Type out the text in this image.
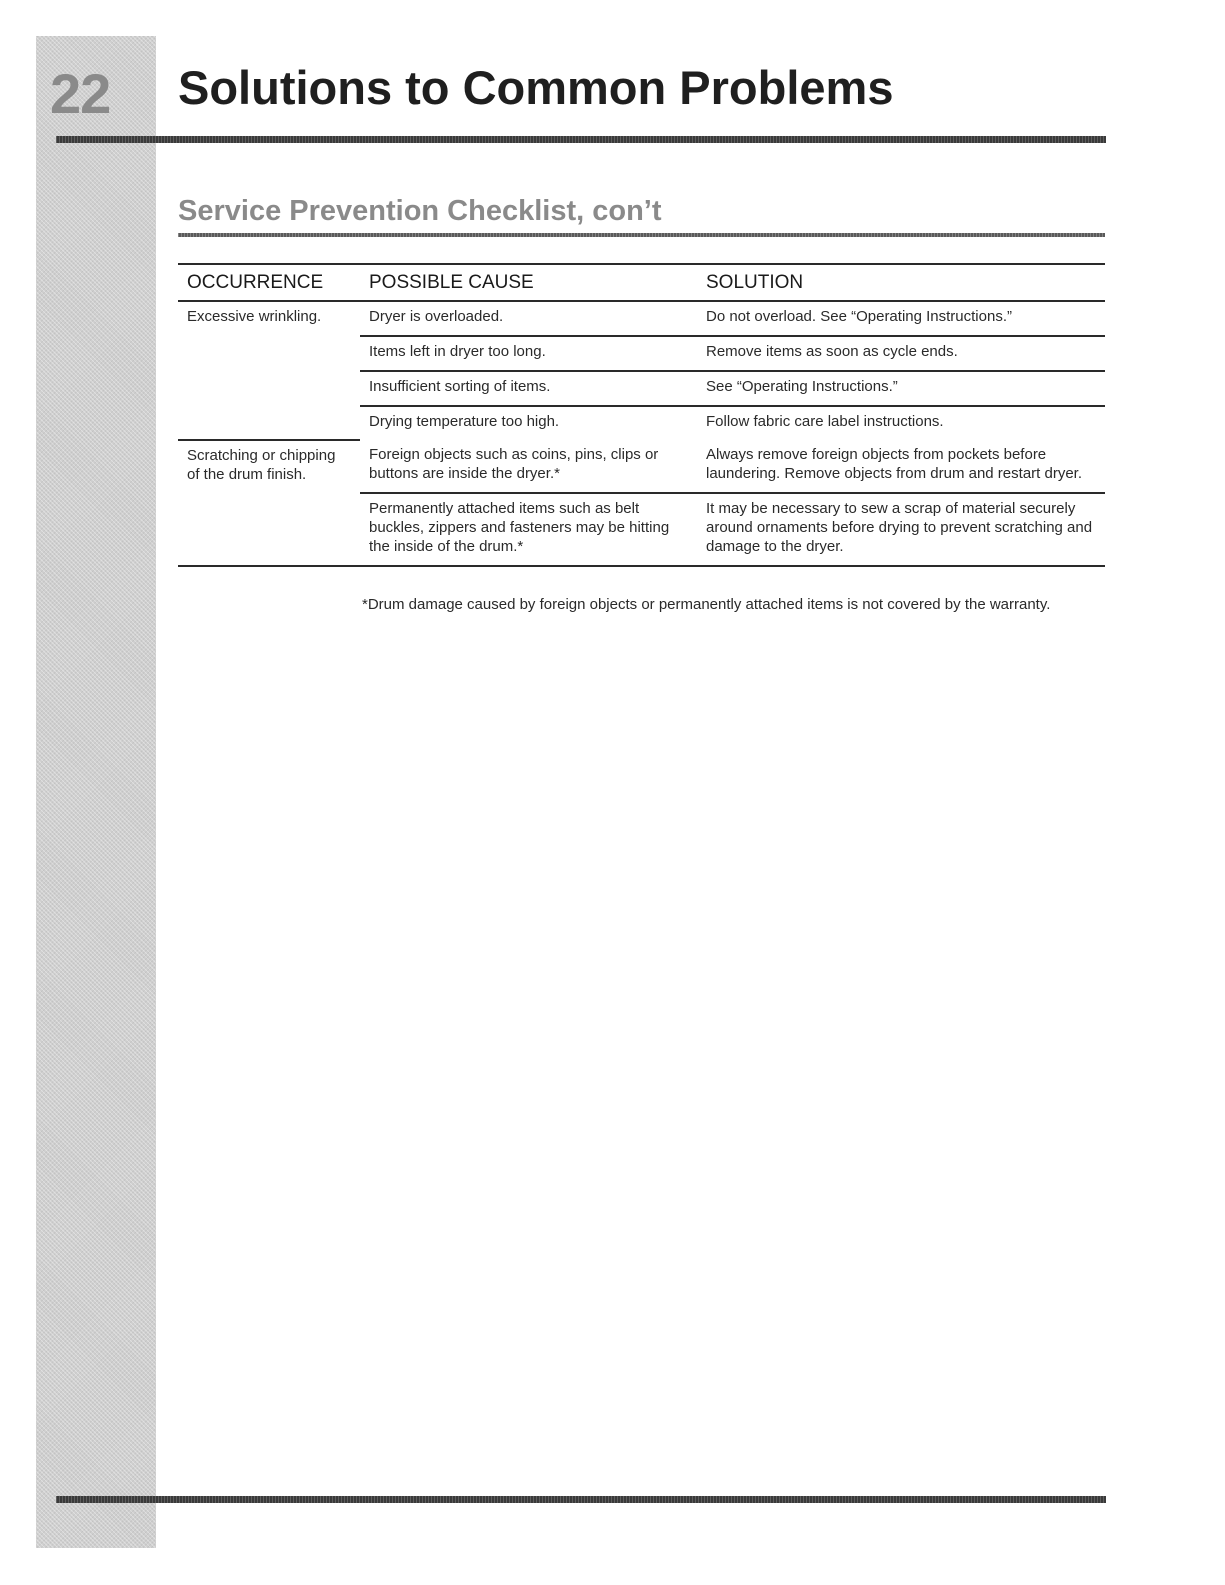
22 Solutions to Common Problems
Service Prevention Checklist, con’t
OCCURRENCE	POSSIBLE CAUSE	SOLUTION
Excessive wrinkling.	Dryer is overloaded.	Do not overload. See “Operating Instructions.”
	Items left in dryer too long.	Remove items as soon as cycle ends.
	Insufficient sorting of items.	See “Operating Instructions.”
	Drying temperature too high.	Follow fabric care label instructions.
Scratching or chipping of the drum finish.	Foreign objects such as coins, pins, clips or buttons are inside the dryer.*	Always remove foreign objects from pockets before laundering. Remove objects from drum and restart dryer.
	Permanently attached items such as belt buckles, zippers and fasteners may be hitting the inside of the drum.*	It may be necessary to sew a scrap of material securely around ornaments before drying to prevent scratching and damage to the dryer.
*Drum damage caused by foreign objects or permanently attached items is not covered by the warranty.
